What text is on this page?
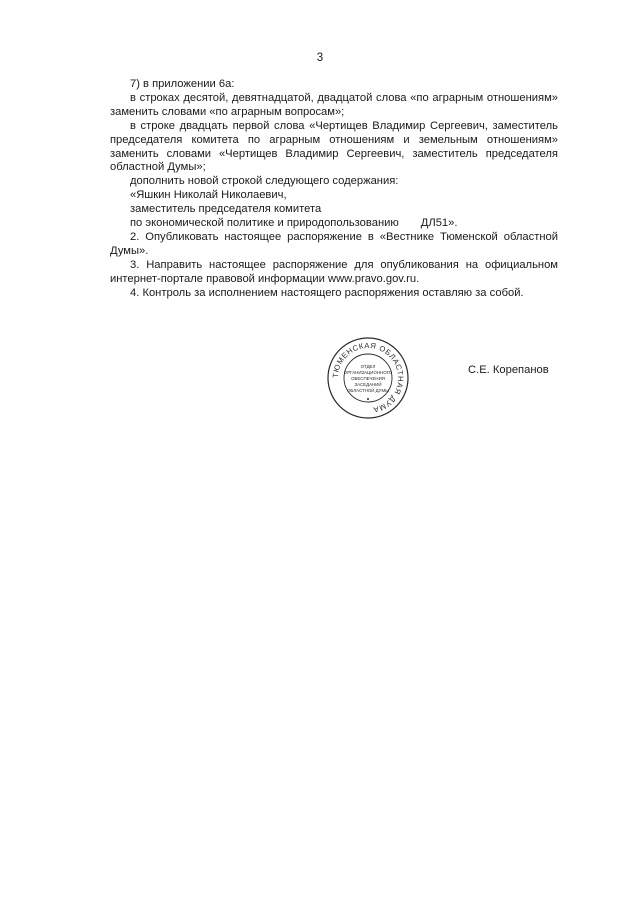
3

7) в приложении 6а:

в строках десятой, девятнадцатой, двадцатой слова «по аграрным отношениям» заменить словами «по аграрным вопросам»;

в строке двадцать первой слова «Чертищев Владимир Сергеевич, заместитель председателя комитета по аграрным отношениям и земельным отношениям» заменить словами «Чертищев Владимир Сергеевич, заместитель председателя областной Думы»;

дополнить новой строкой следующего содержания:

«Яшкин Николай Николаевич,
заместитель председателя комитета
по экономической политике и природопользованию ДЛ51».

2. Опубликовать настоящее распоряжение в «Вестнике Тюменской областной Думы».

3. Направить настоящее распоряжение для опубликования на официальном интернет-портале правовой информации www.pravo.gov.ru.

4. Контроль за исполнением настоящего распоряжения оставляю за собой.

ТЮМЕНСКАЯ ОБЛАСТНАЯ ДУМА
ОТДЕЛ
ОРГАНИЗАЦИОННОГО
ОБЕСПЕЧЕНИЯ
ЗАСЕДАНИЙ
ОБЛАСТНОЙ ДУМЫ
С.Е. Корепанов
